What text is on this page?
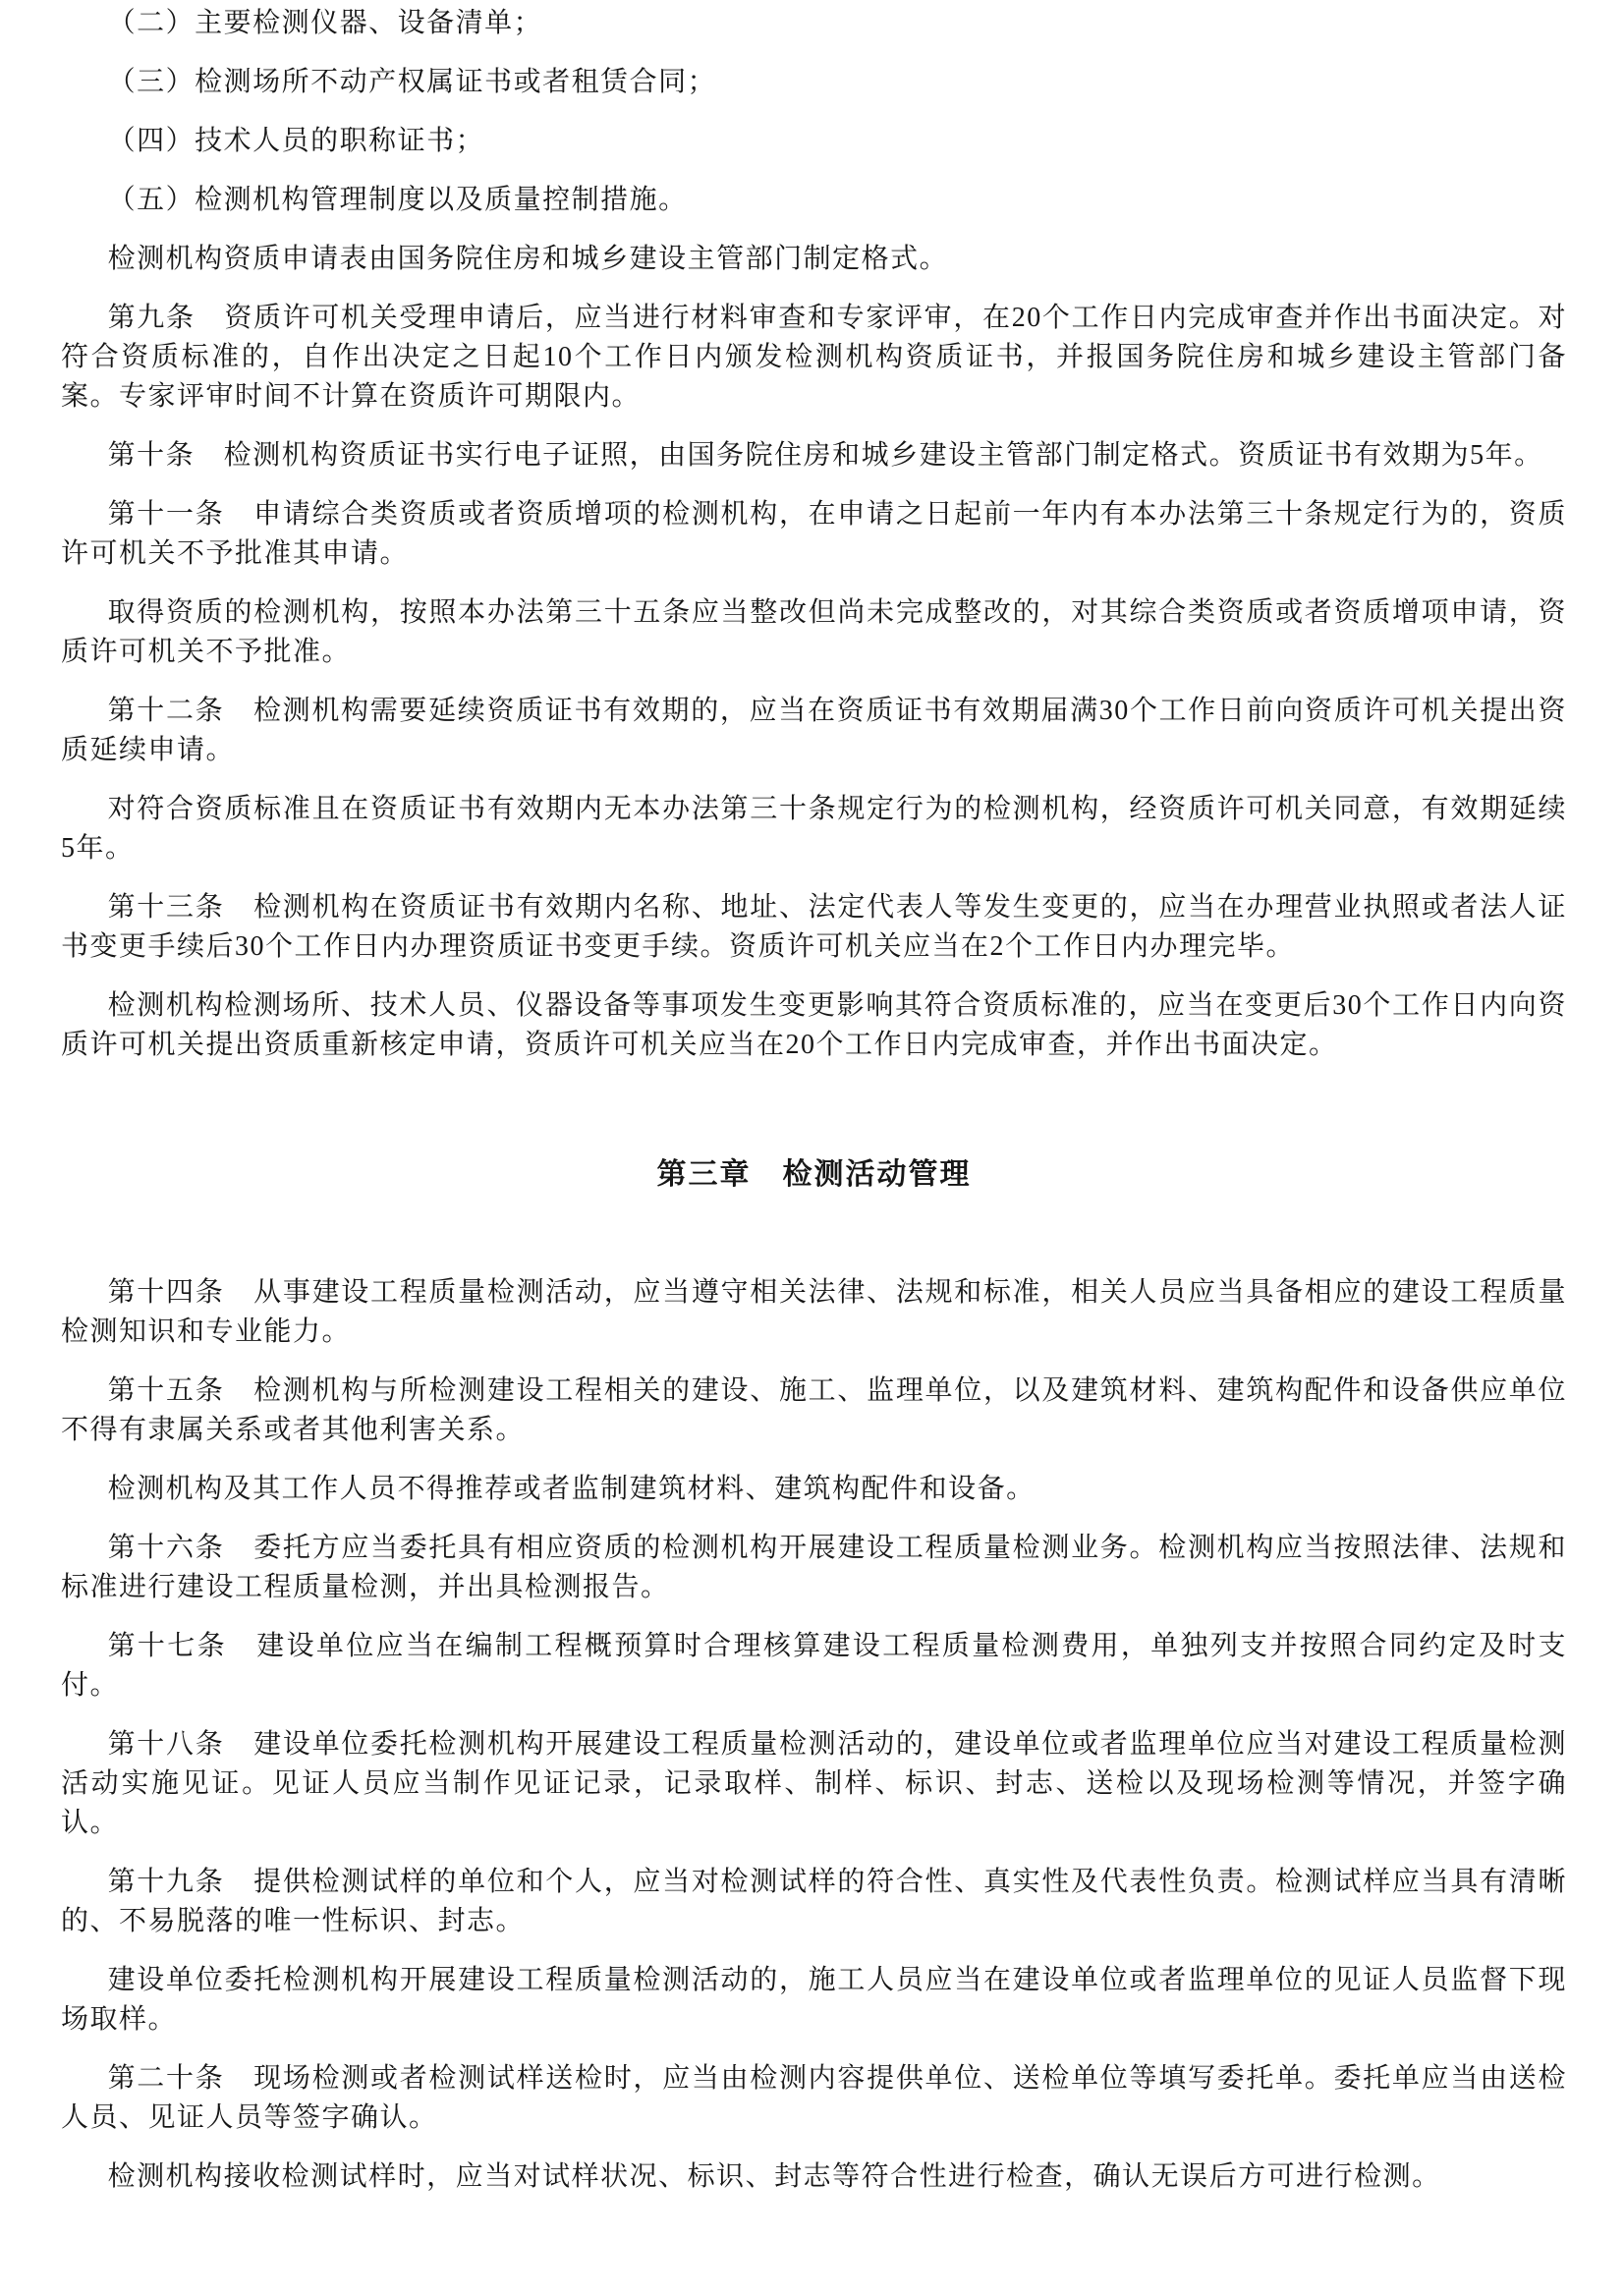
（二）主要检测仪器、设备清单；

（三）检测场所不动产权属证书或者租赁合同；

（四）技术人员的职称证书；

（五）检测机构管理制度以及质量控制措施。

检测机构资质申请表由国务院住房和城乡建设主管部门制定格式。

第九条　资质许可机关受理申请后，应当进行材料审查和专家评审，在20个工作日内完成审查并作出书面决定。对符合资质标准的，自作出决定之日起10个工作日内颁发检测机构资质证书，并报国务院住房和城乡建设主管部门备案。专家评审时间不计算在资质许可期限内。

第十条　检测机构资质证书实行电子证照，由国务院住房和城乡建设主管部门制定格式。资质证书有效期为5年。

第十一条　申请综合类资质或者资质增项的检测机构，在申请之日起前一年内有本办法第三十条规定行为的，资质许可机关不予批准其申请。

取得资质的检测机构，按照本办法第三十五条应当整改但尚未完成整改的，对其综合类资质或者资质增项申请，资质许可机关不予批准。

第十二条　检测机构需要延续资质证书有效期的，应当在资质证书有效期届满30个工作日前向资质许可机关提出资质延续申请。

对符合资质标准且在资质证书有效期内无本办法第三十条规定行为的检测机构，经资质许可机关同意，有效期延续5年。

第十三条　检测机构在资质证书有效期内名称、地址、法定代表人等发生变更的，应当在办理营业执照或者法人证书变更手续后30个工作日内办理资质证书变更手续。资质许可机关应当在2个工作日内办理完毕。

检测机构检测场所、技术人员、仪器设备等事项发生变更影响其符合资质标准的，应当在变更后30个工作日内向资质许可机关提出资质重新核定申请，资质许可机关应当在20个工作日内完成审查，并作出书面决定。

第三章　检测活动管理

第十四条　从事建设工程质量检测活动，应当遵守相关法律、法规和标准，相关人员应当具备相应的建设工程质量检测知识和专业能力。

第十五条　检测机构与所检测建设工程相关的建设、施工、监理单位，以及建筑材料、建筑构配件和设备供应单位不得有隶属关系或者其他利害关系。

检测机构及其工作人员不得推荐或者监制建筑材料、建筑构配件和设备。

第十六条　委托方应当委托具有相应资质的检测机构开展建设工程质量检测业务。检测机构应当按照法律、法规和标准进行建设工程质量检测，并出具检测报告。

第十七条　建设单位应当在编制工程概预算时合理核算建设工程质量检测费用，单独列支并按照合同约定及时支付。

第十八条　建设单位委托检测机构开展建设工程质量检测活动的，建设单位或者监理单位应当对建设工程质量检测活动实施见证。见证人员应当制作见证记录，记录取样、制样、标识、封志、送检以及现场检测等情况，并签字确认。

第十九条　提供检测试样的单位和个人，应当对检测试样的符合性、真实性及代表性负责。检测试样应当具有清晰的、不易脱落的唯一性标识、封志。

建设单位委托检测机构开展建设工程质量检测活动的，施工人员应当在建设单位或者监理单位的见证人员监督下现场取样。

第二十条　现场检测或者检测试样送检时，应当由检测内容提供单位、送检单位等填写委托单。委托单应当由送检人员、见证人员等签字确认。

检测机构接收检测试样时，应当对试样状况、标识、封志等符合性进行检查，确认无误后方可进行检测。
